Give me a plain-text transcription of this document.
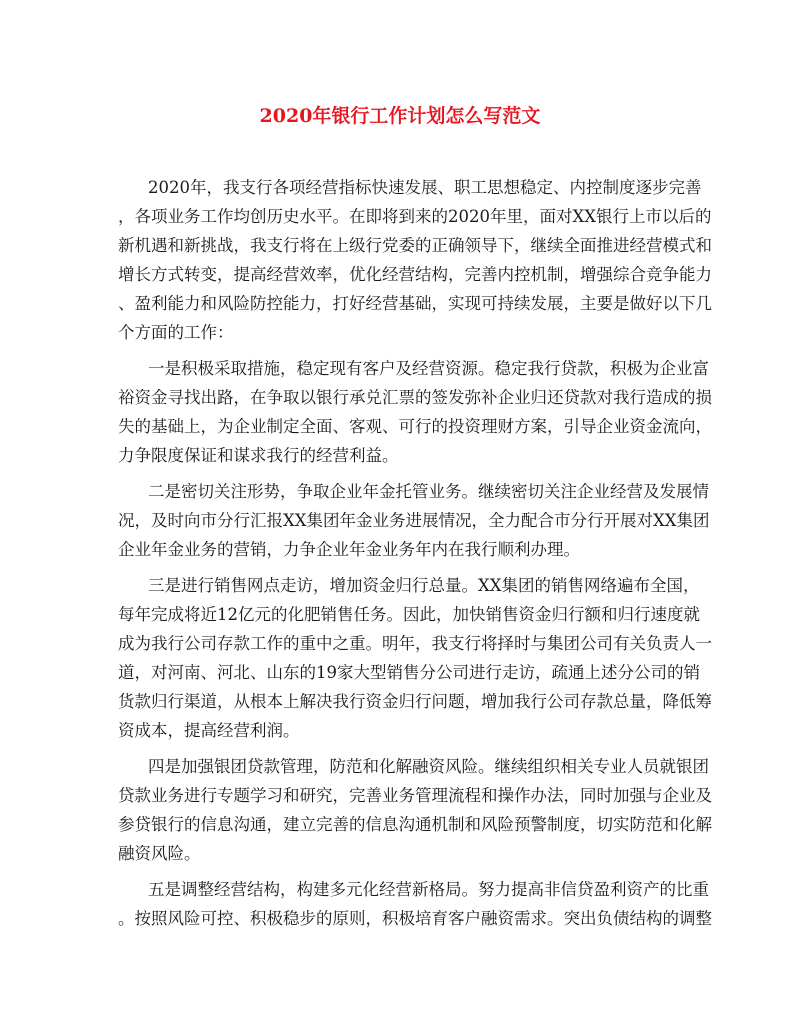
2020年银行工作计划怎么写范文
2020年，我支行各项经营指标快速发展、职工思想稳定、内控制度逐步完善
，各项业务工作均创历史水平。在即将到来的2020年里，面对XX银行上市以后的
新机遇和新挑战，我支行将在上级行党委的正确领导下，继续全面推进经营模式和
增长方式转变，提高经营效率，优化经营结构，完善内控机制，增强综合竞争能力
、盈利能力和风险防控能力，打好经营基础，实现可持续发展，主要是做好以下几
个方面的工作：
一是积极采取措施，稳定现有客户及经营资源。稳定我行贷款，积极为企业富
裕资金寻找出路，在争取以银行承兑汇票的签发弥补企业归还贷款对我行造成的损
失的基础上，为企业制定全面、客观、可行的投资理财方案，引导企业资金流向，
力争限度保证和谋求我行的经营利益。
二是密切关注形势，争取企业年金托管业务。继续密切关注企业经营及发展情
况，及时向市分行汇报XX集团年金业务进展情况，全力配合市分行开展对XX集团
企业年金业务的营销，力争企业年金业务年内在我行顺利办理。
三是进行销售网点走访，增加资金归行总量。XX集团的销售网络遍布全国，
每年完成将近12亿元的化肥销售任务。因此，加快销售资金归行额和归行速度就
成为我行公司存款工作的重中之重。明年，我支行将择时与集团公司有关负责人一
道，对河南、河北、山东的19家大型销售分公司进行走访，疏通上述分公司的销
货款归行渠道，从根本上解决我行资金归行问题，增加我行公司存款总量，降低筹
资成本，提高经营利润。
四是加强银团贷款管理，防范和化解融资风险。继续组织相关专业人员就银团
贷款业务进行专题学习和研究，完善业务管理流程和操作办法，同时加强与企业及
参贷银行的信息沟通，建立完善的信息沟通机制和风险预警制度，切实防范和化解
融资风险。
五是调整经营结构，构建多元化经营新格局。努力提高非信贷盈利资产的比重
。按照风险可控、积极稳步的原则，积极培育客户融资需求。突出负债结构的调整
